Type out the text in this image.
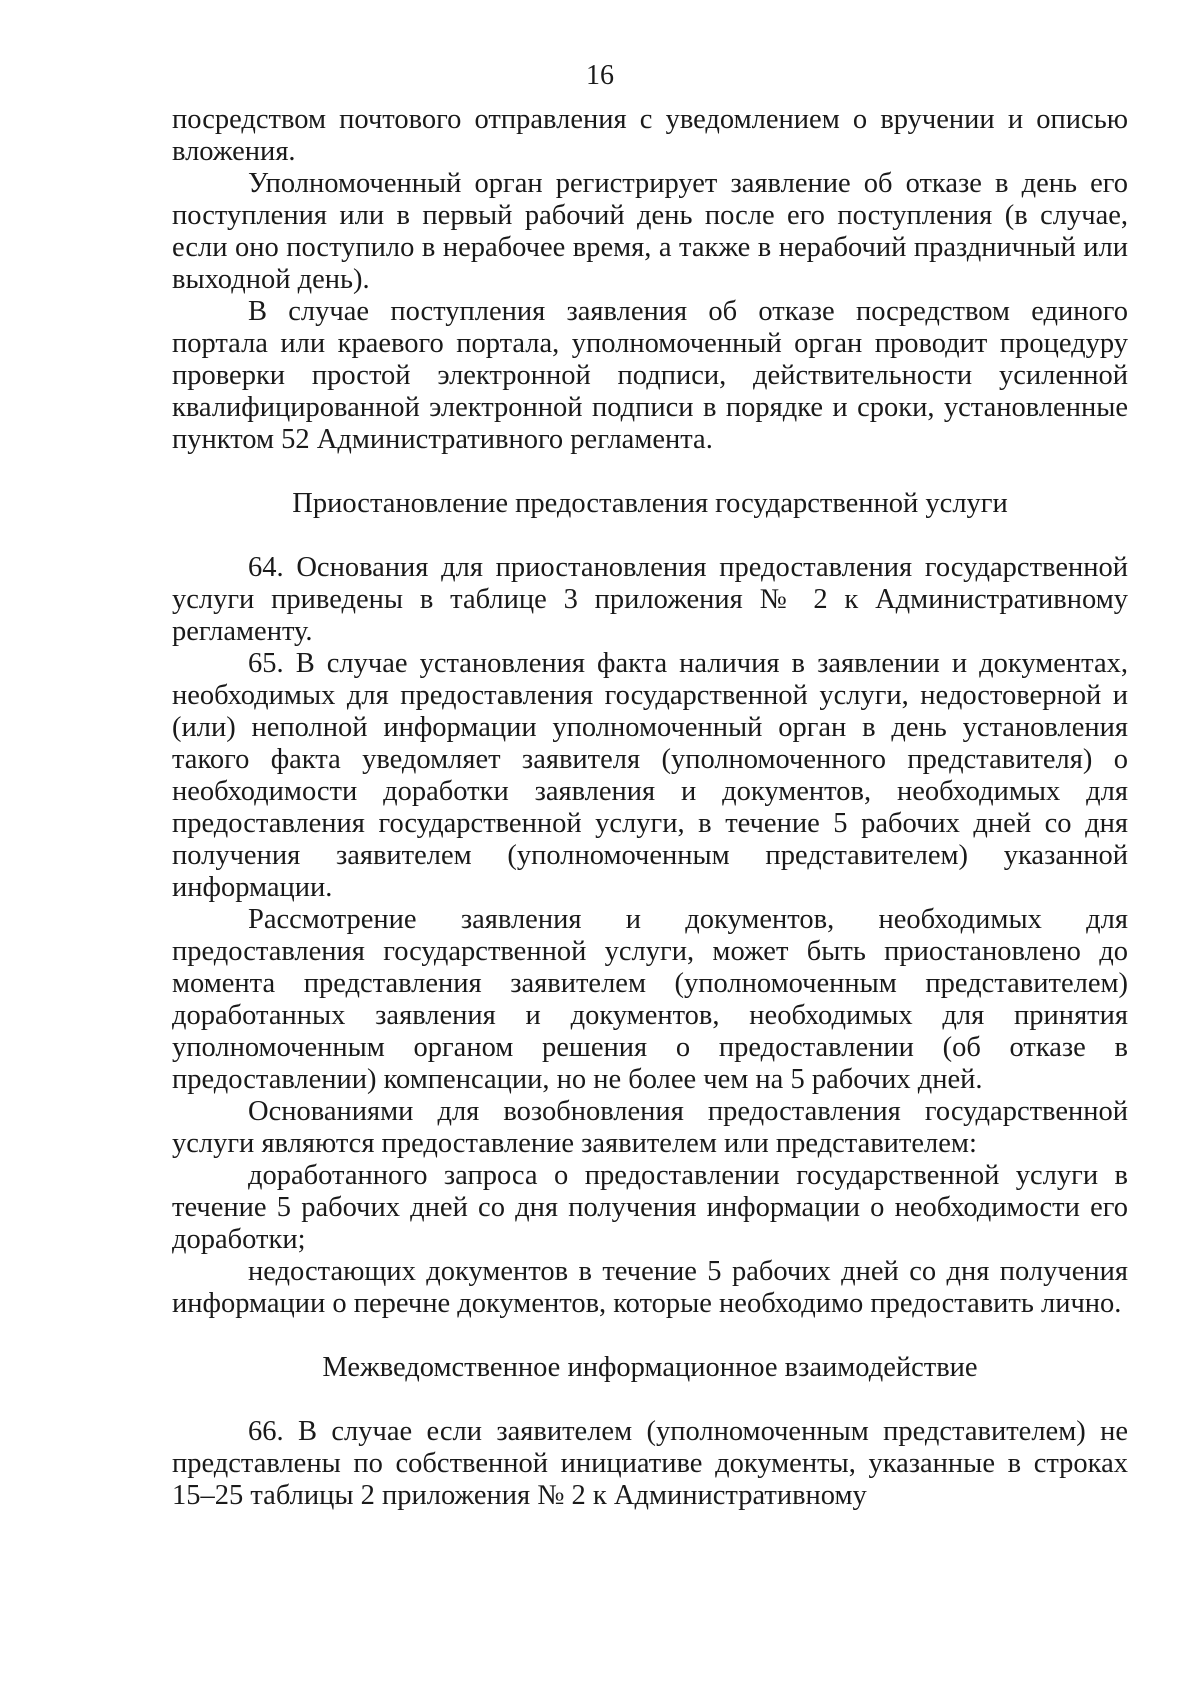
16

посредством почтового отправления с уведомлением о вручении и описью вложения.

Уполномоченный орган регистрирует заявление об отказе в день его поступления или в первый рабочий день после его поступления (в случае, если оно поступило в нерабочее время, а также в нерабочий праздничный или выходной день).

В случае поступления заявления об отказе посредством единого портала или краевого портала, уполномоченный орган проводит процедуру проверки простой электронной подписи, действительности усиленной квалифицированной электронной подписи в порядке и сроки, установленные пунктом 52 Административного регламента.

Приостановление предоставления государственной услуги

64. Основания для приостановления предоставления государственной услуги приведены в таблице 3 приложения № 2 к Административному регламенту.

65. В случае установления факта наличия в заявлении и документах, необходимых для предоставления государственной услуги, недостоверной и (или) неполной информации уполномоченный орган в день установления такого факта уведомляет заявителя (уполномоченного представителя) о необходимости доработки заявления и документов, необходимых для предоставления государственной услуги, в течение 5 рабочих дней со дня получения заявителем (уполномоченным представителем) указанной информации.

Рассмотрение заявления и документов, необходимых для предоставления государственной услуги, может быть приостановлено до момента представления заявителем (уполномоченным представителем) доработанных заявления и документов, необходимых для принятия уполномоченным органом решения о предоставлении (об отказе в предоставлении) компенсации, но не более чем на 5 рабочих дней.

Основаниями для возобновления предоставления государственной услуги являются предоставление заявителем или представителем:

доработанного запроса о предоставлении государственной услуги в течение 5 рабочих дней со дня получения информации о необходимости его доработки;

недостающих документов в течение 5 рабочих дней со дня получения информации о перечне документов, которые необходимо предоставить лично.

Межведомственное информационное взаимодействие

66. В случае если заявителем (уполномоченным представителем) не представлены по собственной инициативе документы, указанные в строках 15–25 таблицы 2 приложения № 2 к Административному
